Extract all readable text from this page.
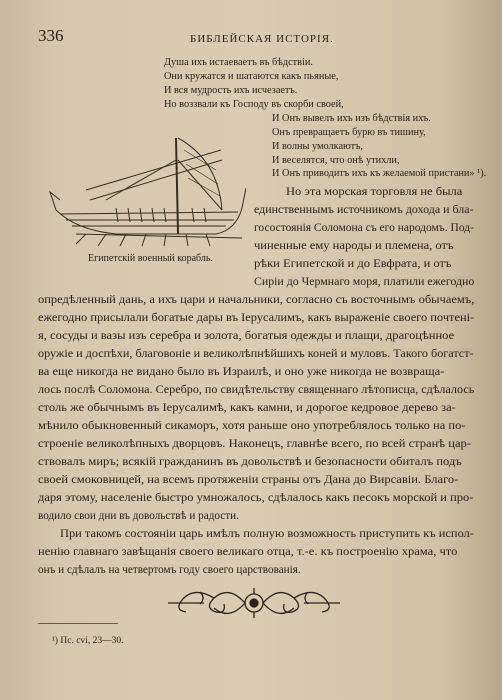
336	БИБЛЕЙСКАЯ ИСТОРІЯ.
Душа ихъ истаеваетъ въ бѣдствіи.
Они кружатся и шатаются какъ пьяные,
И вся мудрость ихъ исчезаетъ.
Но воззвали къ Господу въ скорби своей,
И Онъ вывелъ ихъ изъ бѣдствія ихъ.
Онъ превращаетъ бурю въ тишину,
И волны умолкаютъ,
И веселятся, что онѣ утихли,
И Онъ приводитъ ихъ къ желаемой пристани» ¹).
Египетскій военный корабль.
Но эта морская торговля не была
единственнымъ источникомъ дохода и бла-
госостоянія Соломона съ его народомъ. Под-
чиненные ему народы и племена, отъ
рѣки Египетской и до Евфрата, и отъ
Сиріи до Чермнаго моря, платили ежегодно
опредѣленный дань, а ихъ цари и начальники, согласно съ восточнымъ обычаемъ,
ежегодно присылали богатые дары въ Іерусалимъ, какъ выраженіе своего почтені-
я, сосуды и вазы изъ серебра и золота, богатыя одежды и плащи, драгоцѣнное
оружіе и доспѣхи, благовоніе и великолѣпнѣйшихъ коней и муловъ. Такого богатст-
ва еще никогда не видано было въ Израилѣ, и оно уже никогда не возвраща-
лось послѣ Соломона. Серебро, по свидѣтельству священнаго лѣтописца, сдѣлалось
столь же обычнымъ въ Іерусалимѣ, какъ камни, и дорогое кедровое дерево за-
мѣнило обыкновенный сикаморъ, хотя раньше оно употреблялось только на по-
строеніе великолѣпныхъ дворцовъ. Наконецъ, главнѣе всего, по всей странѣ цар-
ствовалъ миръ; всякій гражданинъ въ довольствѣ и безопасности обиталъ подъ
своей смоковницей, на всемъ протяженіи страны отъ Дана до Вирсавіи. Благо-
даря этому, населеніе быстро умножалось, сдѣлалось какъ песокъ морской и про-
водило свои дни въ довольствѣ и радости.
При такомъ состояніи царь имѣлъ полную возможность приступить къ испол-
ненію главнаго завѣщанія своего великаго отца, т.-е. къ построенію храма, что
онъ и сдѣлалъ на четвертомъ году своего царствованія.
¹) Пс. cvi, 23—30.
